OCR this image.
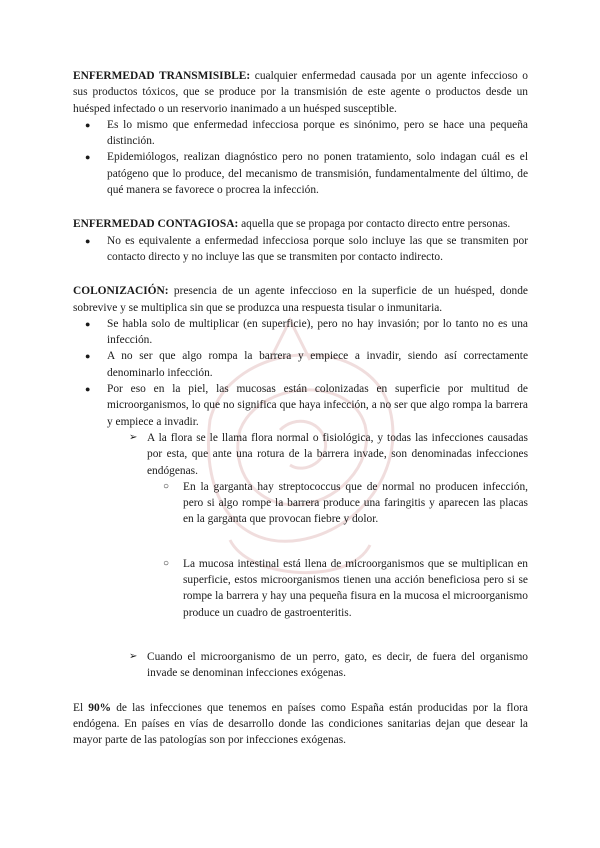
ENFERMEDAD TRANSMISIBLE: cualquier enfermedad causada por un agente infeccioso o sus productos tóxicos, que se produce por la transmisión de este agente o productos desde un huésped infectado o un reservorio inanimado a un huésped susceptible.

● Es lo mismo que enfermedad infecciosa porque es sinónimo, pero se hace una pequeña distinción.
● Epidemiólogos, realizan diagnóstico pero no ponen tratamiento, solo indagan cuál es el patógeno que lo produce, del mecanismo de transmisión, fundamentalmente del último, de qué manera se favorece o procrea la infección.

ENFERMEDAD CONTAGIOSA: aquella que se propaga por contacto directo entre personas.

● No es equivalente a enfermedad infecciosa porque solo incluye las que se transmiten por contacto directo y no incluye las que se transmiten por contacto indirecto.

COLONIZACIÓN: presencia de un agente infeccioso en la superficie de un huésped, donde sobrevive y se multiplica sin que se produzca una respuesta tisular o inmunitaria.

● Se habla solo de multiplicar (en superficie), pero no hay invasión; por lo tanto no es una infección.
● A no ser que algo rompa la barrera y empiece a invadir, siendo así correctamente denominarlo infección.
● Por eso en la piel, las mucosas están colonizadas en superficie por multitud de microorganismos, lo que no significa que haya infección, a no ser que algo rompa la barrera y empiece a invadir.
➢ A la flora se le llama flora normal o fisiológica, y todas las infecciones causadas por esta, que ante una rotura de la barrera invade, son denominadas infecciones endógenas.
○ En la garganta hay streptococcus que de normal no producen infección, pero si algo rompe la barrera produce una faringitis y aparecen las placas en la garganta que provocan fiebre y dolor.
○ La mucosa intestinal está llena de microorganismos que se multiplican en superficie, estos microorganismos tienen una acción beneficiosa pero si se rompe la barrera y hay una pequeña fisura en la mucosa el microorganismo produce un cuadro de gastroenteritis.
➢ Cuando el microorganismo de un perro, gato, es decir, de fuera del organismo invade se denominan infecciones exógenas.

El 90% de las infecciones que tenemos en países como España están producidas por la flora endógena. En países en vías de desarrollo donde las condiciones sanitarias dejan que desear la mayor parte de las patologías son por infecciones exógenas.
